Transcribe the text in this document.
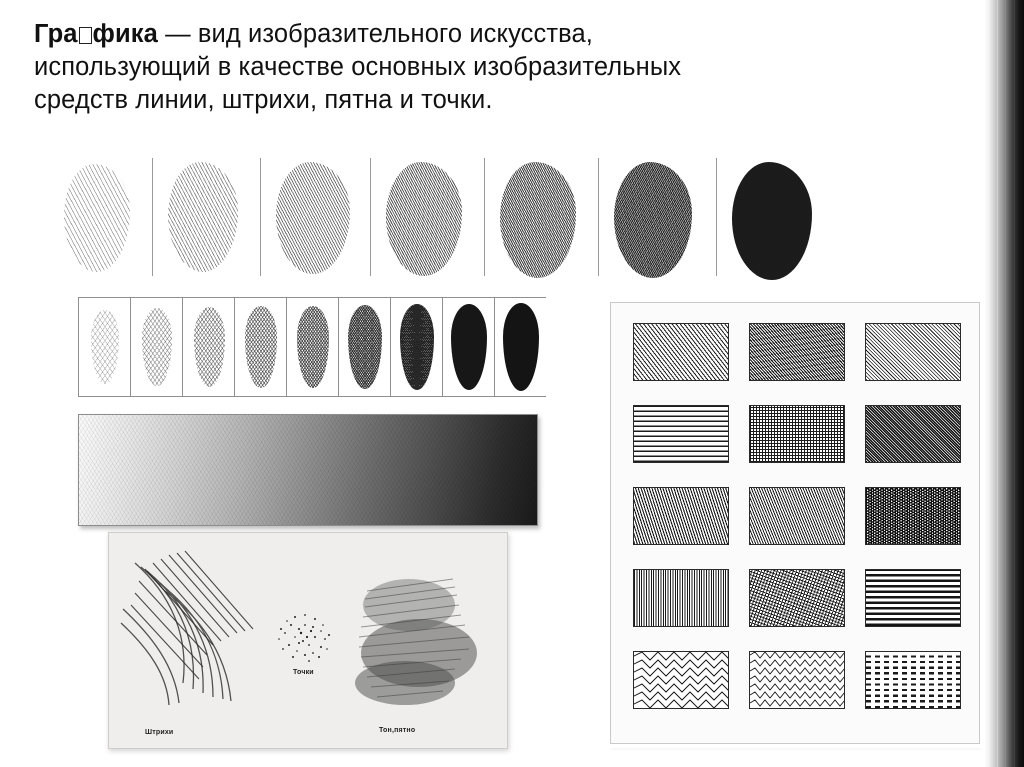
Гра фика — вид изобразительного искусства, использующий в качестве основных изобразительных средств линии, штрихи, пятна и точки.
Штрихи
Точки
Тон,пятно
